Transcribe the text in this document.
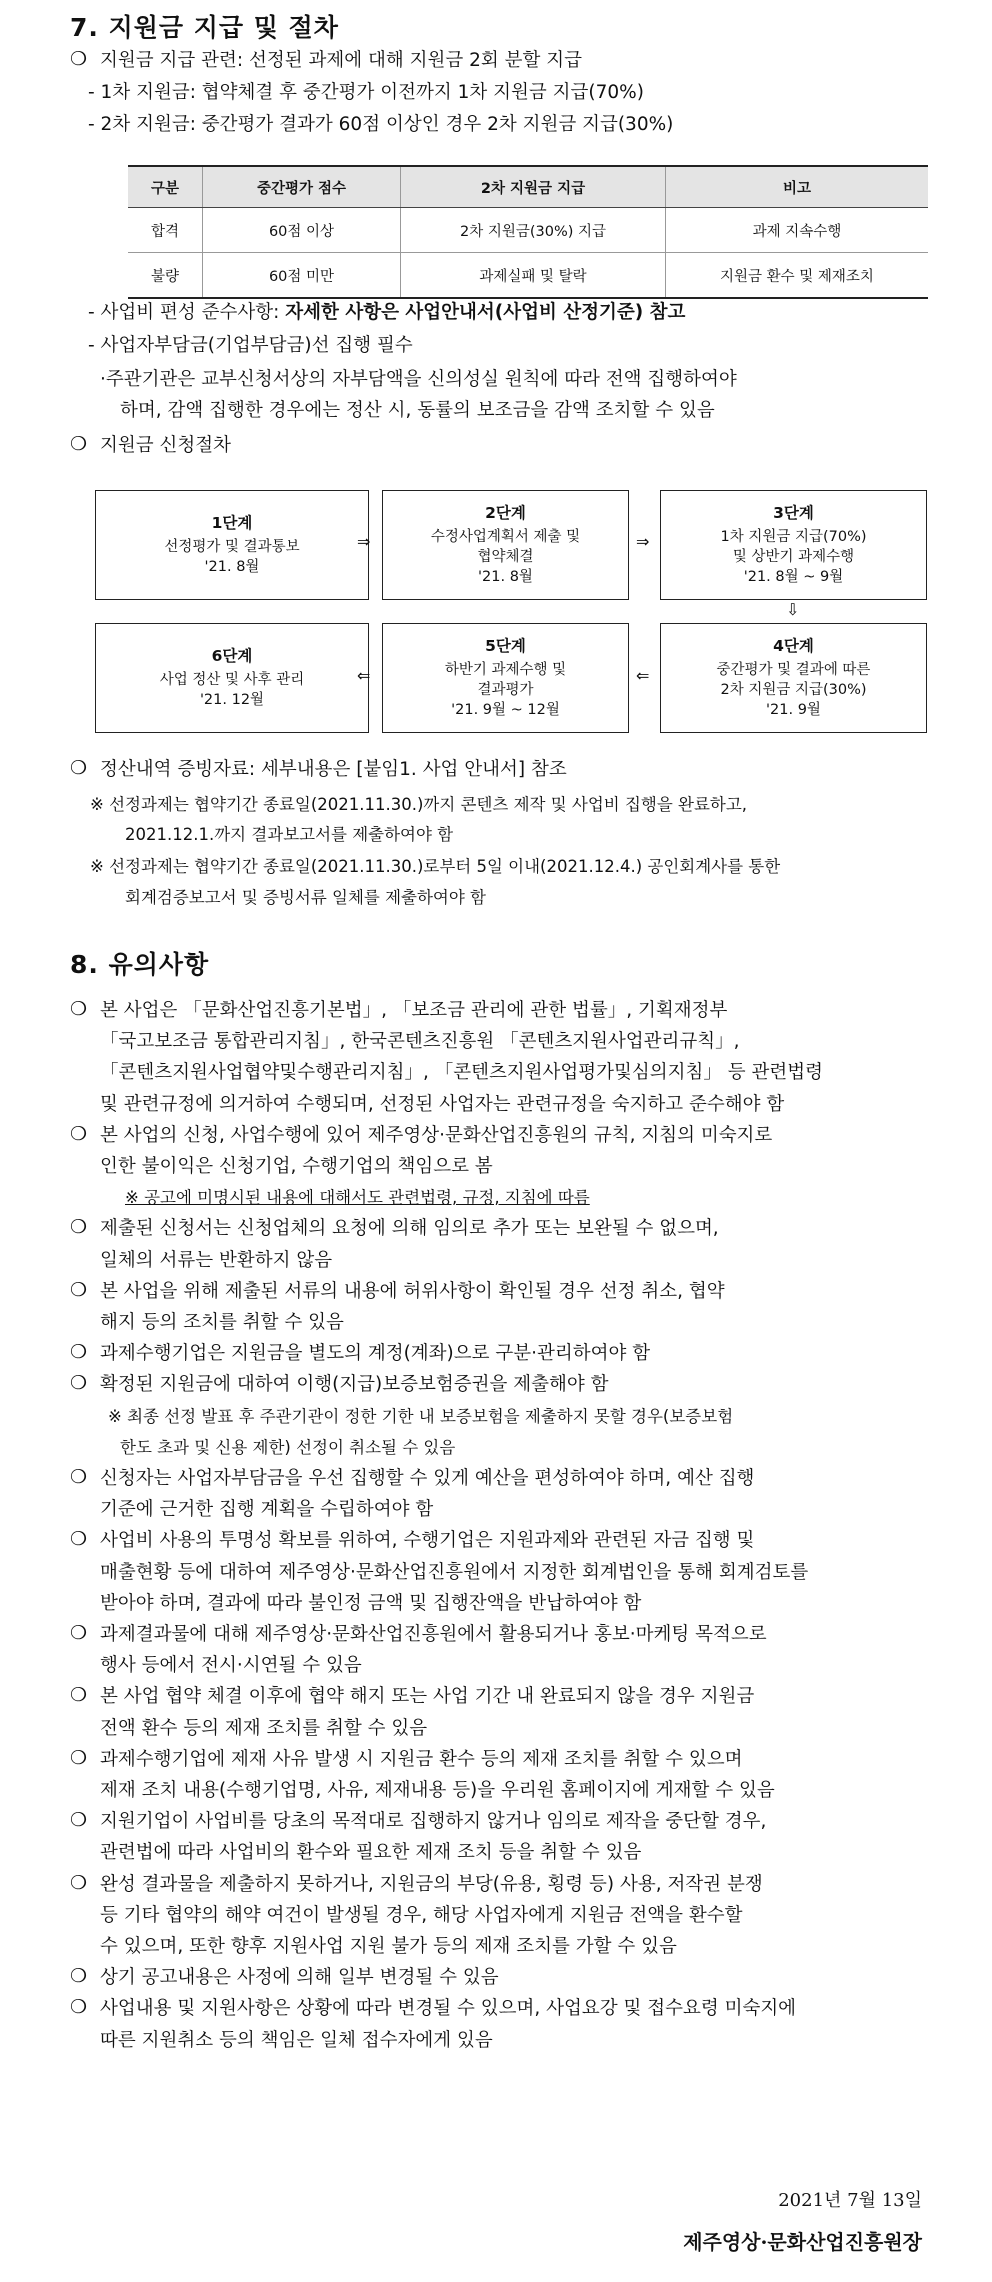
7. 지원금 지급 및 절차
❍ 지원금 지급 관련: 선정된 과제에 대해 지원금 2회 분할 지급
- 1차 지원금: 협약체결 후 중간평가 이전까지 1차 지원금 지급(70%)
- 2차 지원금: 중간평가 결과가 60점 이상인 경우 2차 지원금 지급(30%)
구분	중간평가 점수	2차 지원금 지급	비고
합격	60점 이상	2차 지원금(30%) 지급	과제 지속수행
불량	60점 미만	과제실패 및 탈락	지원금 환수 및 제재조치
- 사업비 편성 준수사항: 자세한 사항은 사업안내서(사업비 산정기준) 참고
- 사업자부담금(기업부담금)선 집행 필수
·주관기관은 교부신청서상의 자부담액을 신의성실 원칙에 따라 전액 집행하여야
하며, 감액 집행한 경우에는 정산 시, 동률의 보조금을 감액 조치할 수 있음
❍ 지원금 신청절차
1단계
선정평가 및 결과통보
'21. 8월
⇒
2단계
수정사업계획서 제출 및
협약체결
'21. 8월
⇒
3단계
1차 지원금 지급(70%)
및 상반기 과제수행
'21. 8월 ~ 9월
⇩
6단계
사업 정산 및 사후 관리
'21. 12월
⇐
5단계
하반기 과제수행 및
결과평가
'21. 9월 ~ 12월
⇐
4단계
중간평가 및 결과에 따른
2차 지원금 지급(30%)
'21. 9월
❍ 정산내역 증빙자료: 세부내용은 [붙임1. 사업 안내서] 참조
※ 선정과제는 협약기간 종료일(2021.11.30.)까지 콘텐츠 제작 및 사업비 집행을 완료하고,
2021.12.1.까지 결과보고서를 제출하여야 함
※ 선정과제는 협약기간 종료일(2021.11.30.)로부터 5일 이내(2021.12.4.) 공인회계사를 통한
회계검증보고서 및 증빙서류 일체를 제출하여야 함
8. 유의사항
❍ 본 사업은 「문화산업진흥기본법」, 「보조금 관리에 관한 법률」, 기획재정부
「국고보조금 통합관리지침」, 한국콘텐츠진흥원 「콘텐츠지원사업관리규칙」,
「콘텐츠지원사업협약및수행관리지침」, 「콘텐츠지원사업평가및심의지침」 등 관련법령
및 관련규정에 의거하여 수행되며, 선정된 사업자는 관련규정을 숙지하고 준수해야 함
❍ 본 사업의 신청, 사업수행에 있어 제주영상·문화산업진흥원의 규칙, 지침의 미숙지로
인한 불이익은 신청기업, 수행기업의 책임으로 봄
※ 공고에 미명시된 내용에 대해서도 관련법령, 규정, 지침에 따름
❍ 제출된 신청서는 신청업체의 요청에 의해 임의로 추가 또는 보완될 수 없으며,
일체의 서류는 반환하지 않음
❍ 본 사업을 위해 제출된 서류의 내용에 허위사항이 확인될 경우 선정 취소, 협약
해지 등의 조치를 취할 수 있음
❍ 과제수행기업은 지원금을 별도의 계정(계좌)으로 구분·관리하여야 함
❍ 확정된 지원금에 대하여 이행(지급)보증보험증권을 제출해야 함
※ 최종 선정 발표 후 주관기관이 정한 기한 내 보증보험을 제출하지 못할 경우(보증보험
한도 초과 및 신용 제한) 선정이 취소될 수 있음
❍ 신청자는 사업자부담금을 우선 집행할 수 있게 예산을 편성하여야 하며, 예산 집행
기준에 근거한 집행 계획을 수립하여야 함
❍ 사업비 사용의 투명성 확보를 위하여, 수행기업은 지원과제와 관련된 자금 집행 및
매출현황 등에 대하여 제주영상·문화산업진흥원에서 지정한 회계법인을 통해 회계검토를
받아야 하며, 결과에 따라 불인정 금액 및 집행잔액을 반납하여야 함
❍ 과제결과물에 대해 제주영상·문화산업진흥원에서 활용되거나 홍보·마케팅 목적으로
행사 등에서 전시·시연될 수 있음
❍ 본 사업 협약 체결 이후에 협약 해지 또는 사업 기간 내 완료되지 않을 경우 지원금
전액 환수 등의 제재 조치를 취할 수 있음
❍ 과제수행기업에 제재 사유 발생 시 지원금 환수 등의 제재 조치를 취할 수 있으며
제재 조치 내용(수행기업명, 사유, 제재내용 등)을 우리원 홈페이지에 게재할 수 있음
❍ 지원기업이 사업비를 당초의 목적대로 집행하지 않거나 임의로 제작을 중단할 경우,
관련법에 따라 사업비의 환수와 필요한 제재 조치 등을 취할 수 있음
❍ 완성 결과물을 제출하지 못하거나, 지원금의 부당(유용, 횡령 등) 사용, 저작권 분쟁
등 기타 협약의 해약 여건이 발생될 경우, 해당 사업자에게 지원금 전액을 환수할
수 있으며, 또한 향후 지원사업 지원 불가 등의 제재 조치를 가할 수 있음
❍ 상기 공고내용은 사정에 의해 일부 변경될 수 있음
❍ 사업내용 및 지원사항은 상황에 따라 변경될 수 있으며, 사업요강 및 접수요령 미숙지에
따른 지원취소 등의 책임은 일체 접수자에게 있음
2021년 7월 13일
제주영상·문화산업진흥원장
